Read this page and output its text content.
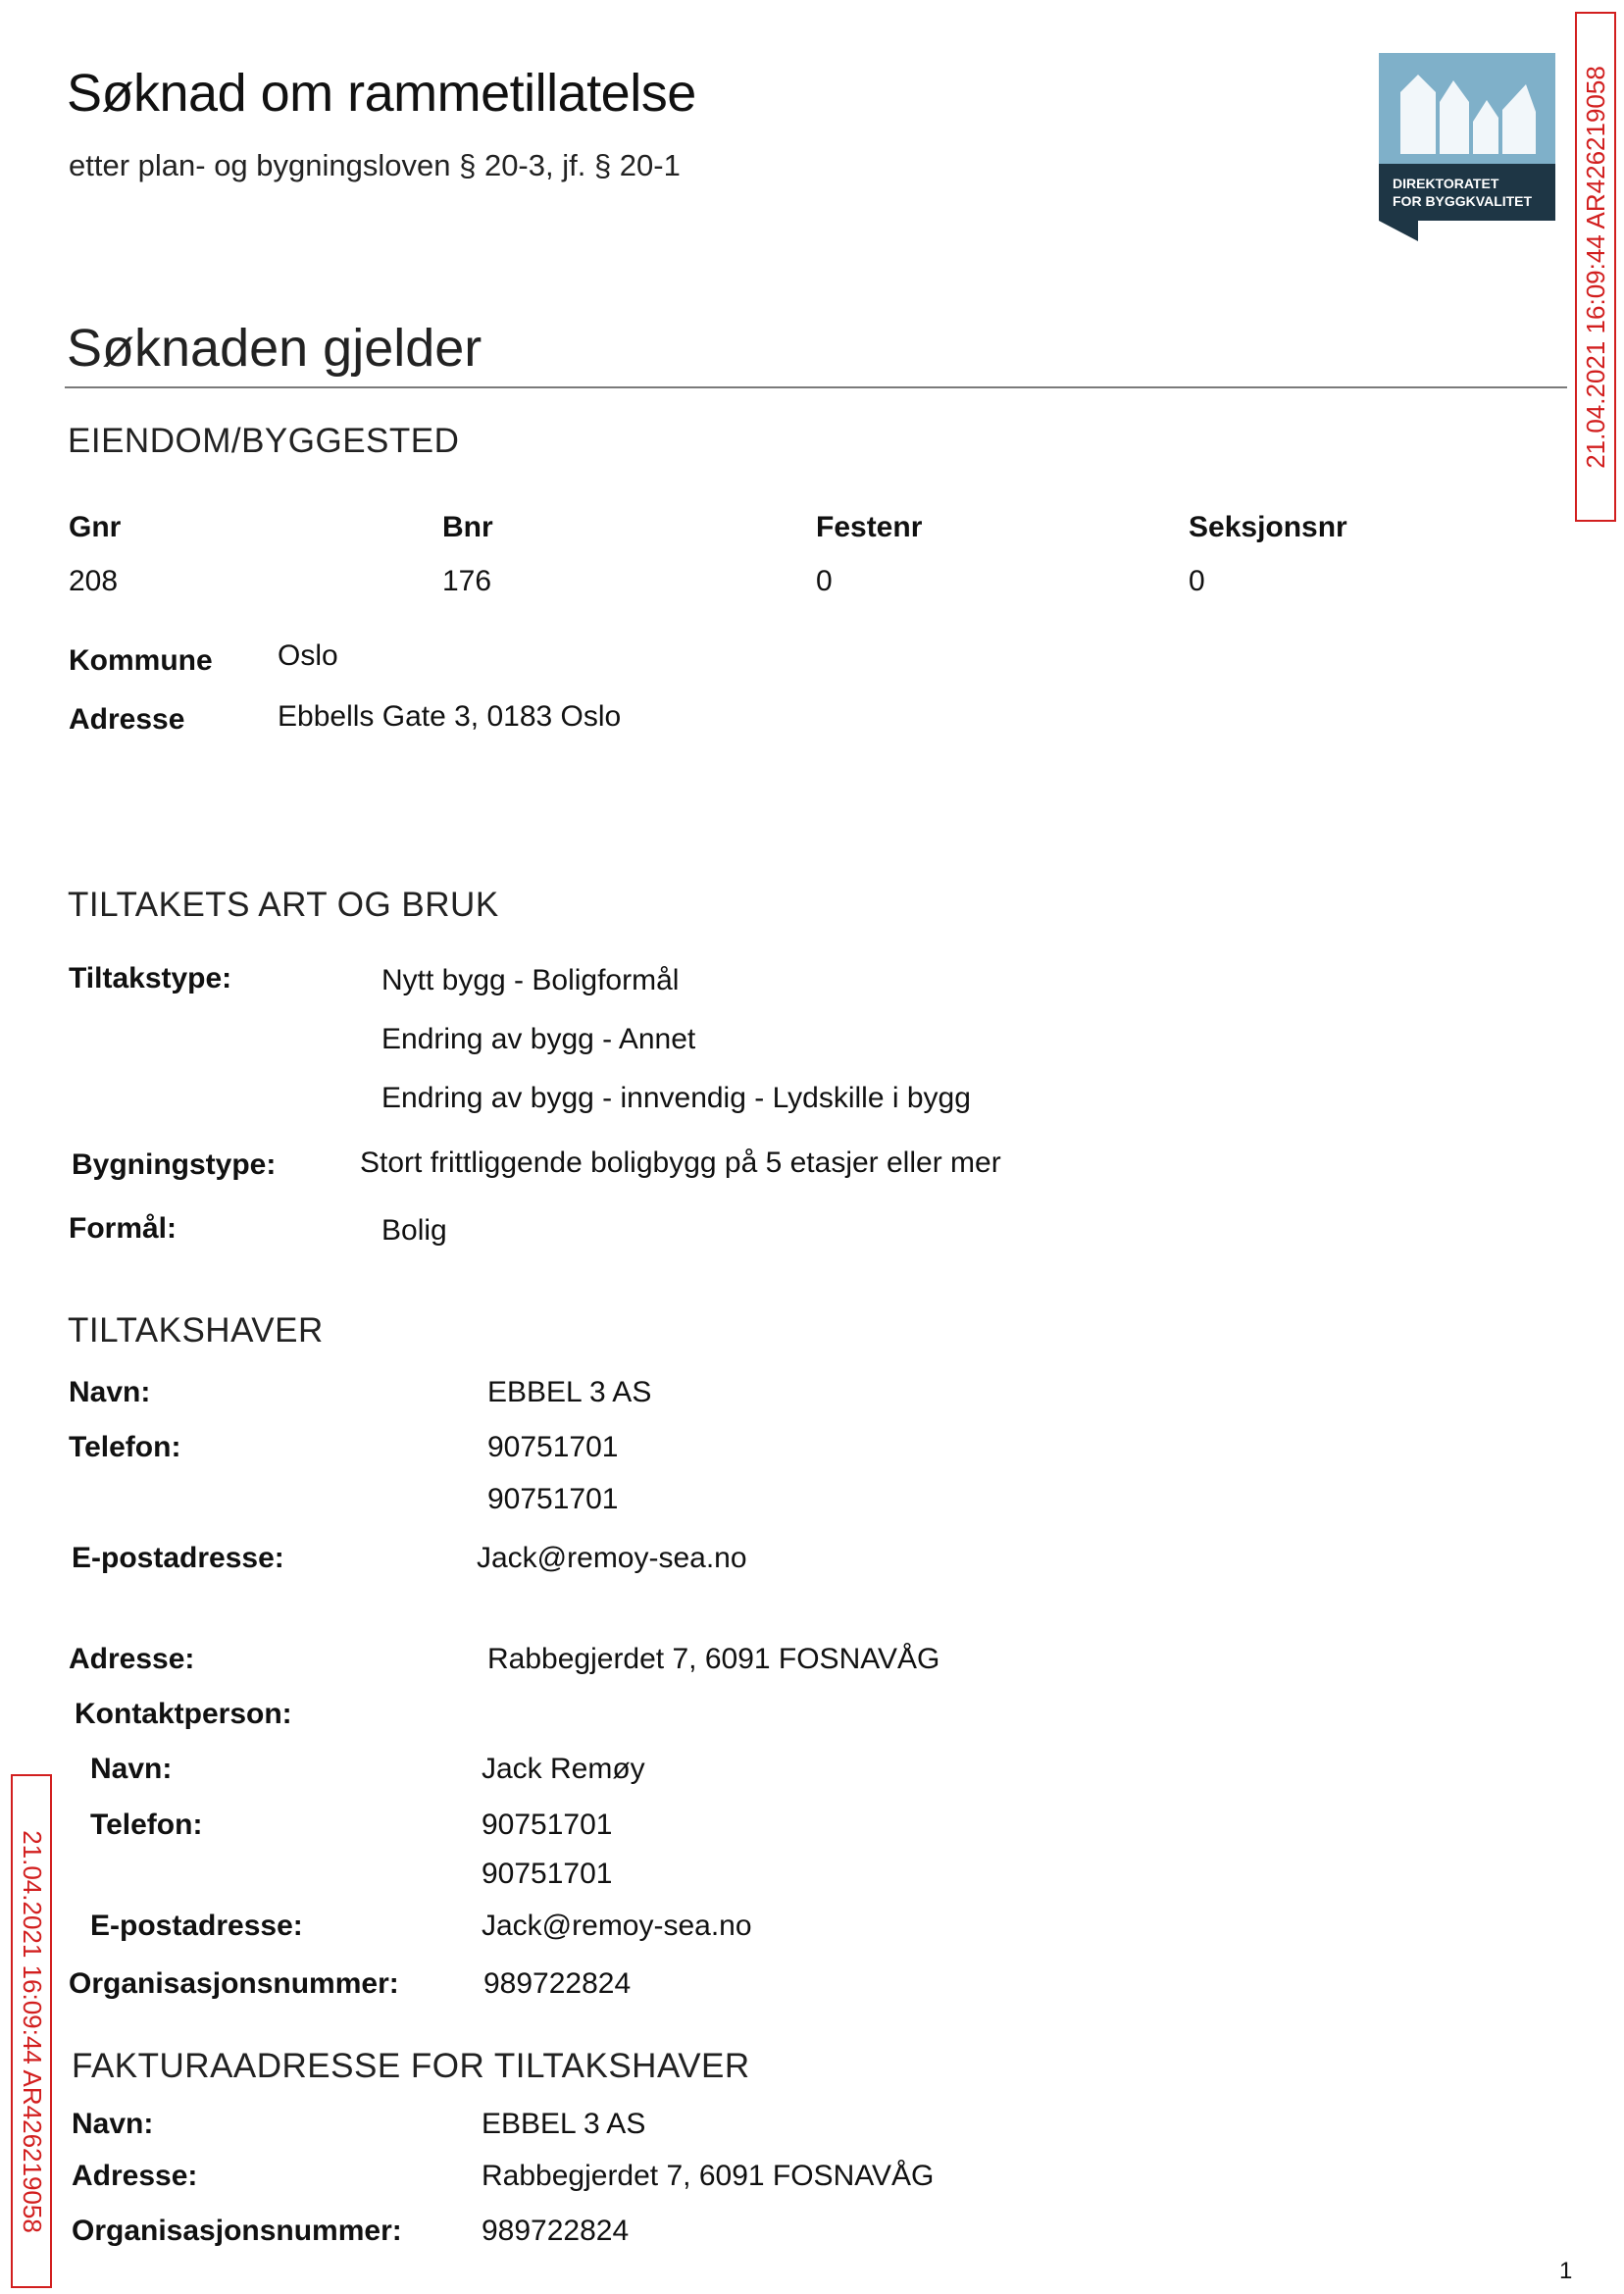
Søknad om rammetillatelse
etter plan- og bygningsloven § 20-3, jf. § 20-1
DIREKTORATET
FOR BYGGKVALITET 21.04.2021 16:09:44 AR426219058
21.04.2021 16:09:44 AR426219058
Søknaden gjelder
EIENDOM/BYGGESTED
Gnr	Bnr	Festenr	Seksjonsnr
208	176	0	0
Kommune Oslo
Adresse	Ebbells Gate 3, 0183 Oslo
TILTAKETS ART OG BRUK
Tiltakstype:	Nytt bygg - Boligformål
Endring av bygg - Annet
Endring av bygg - innvendig - Lydskille i bygg
Bygningstype:	Stort frittliggende boligbygg på 5 etasjer eller mer
Formål:	Bolig
TILTAKSHAVER
Navn:	EBBEL 3 AS
Telefon:	90751701
90751701
E-postadresse:	Jack@remoy-sea.no
Adresse:	Rabbegjerdet 7, 6091 FOSNAVÅG
Kontaktperson:
Navn:	Jack Remøy
Telefon:	90751701
90751701
E-postadresse:	Jack@remoy-sea.no
Organisasjonsnummer:	989722824
FAKTURAADRESSE FOR TILTAKSHAVER
Navn:	EBBEL 3 AS
Adresse:	Rabbegjerdet 7, 6091 FOSNAVÅG
Organisasjonsnummer:	989722824
1
